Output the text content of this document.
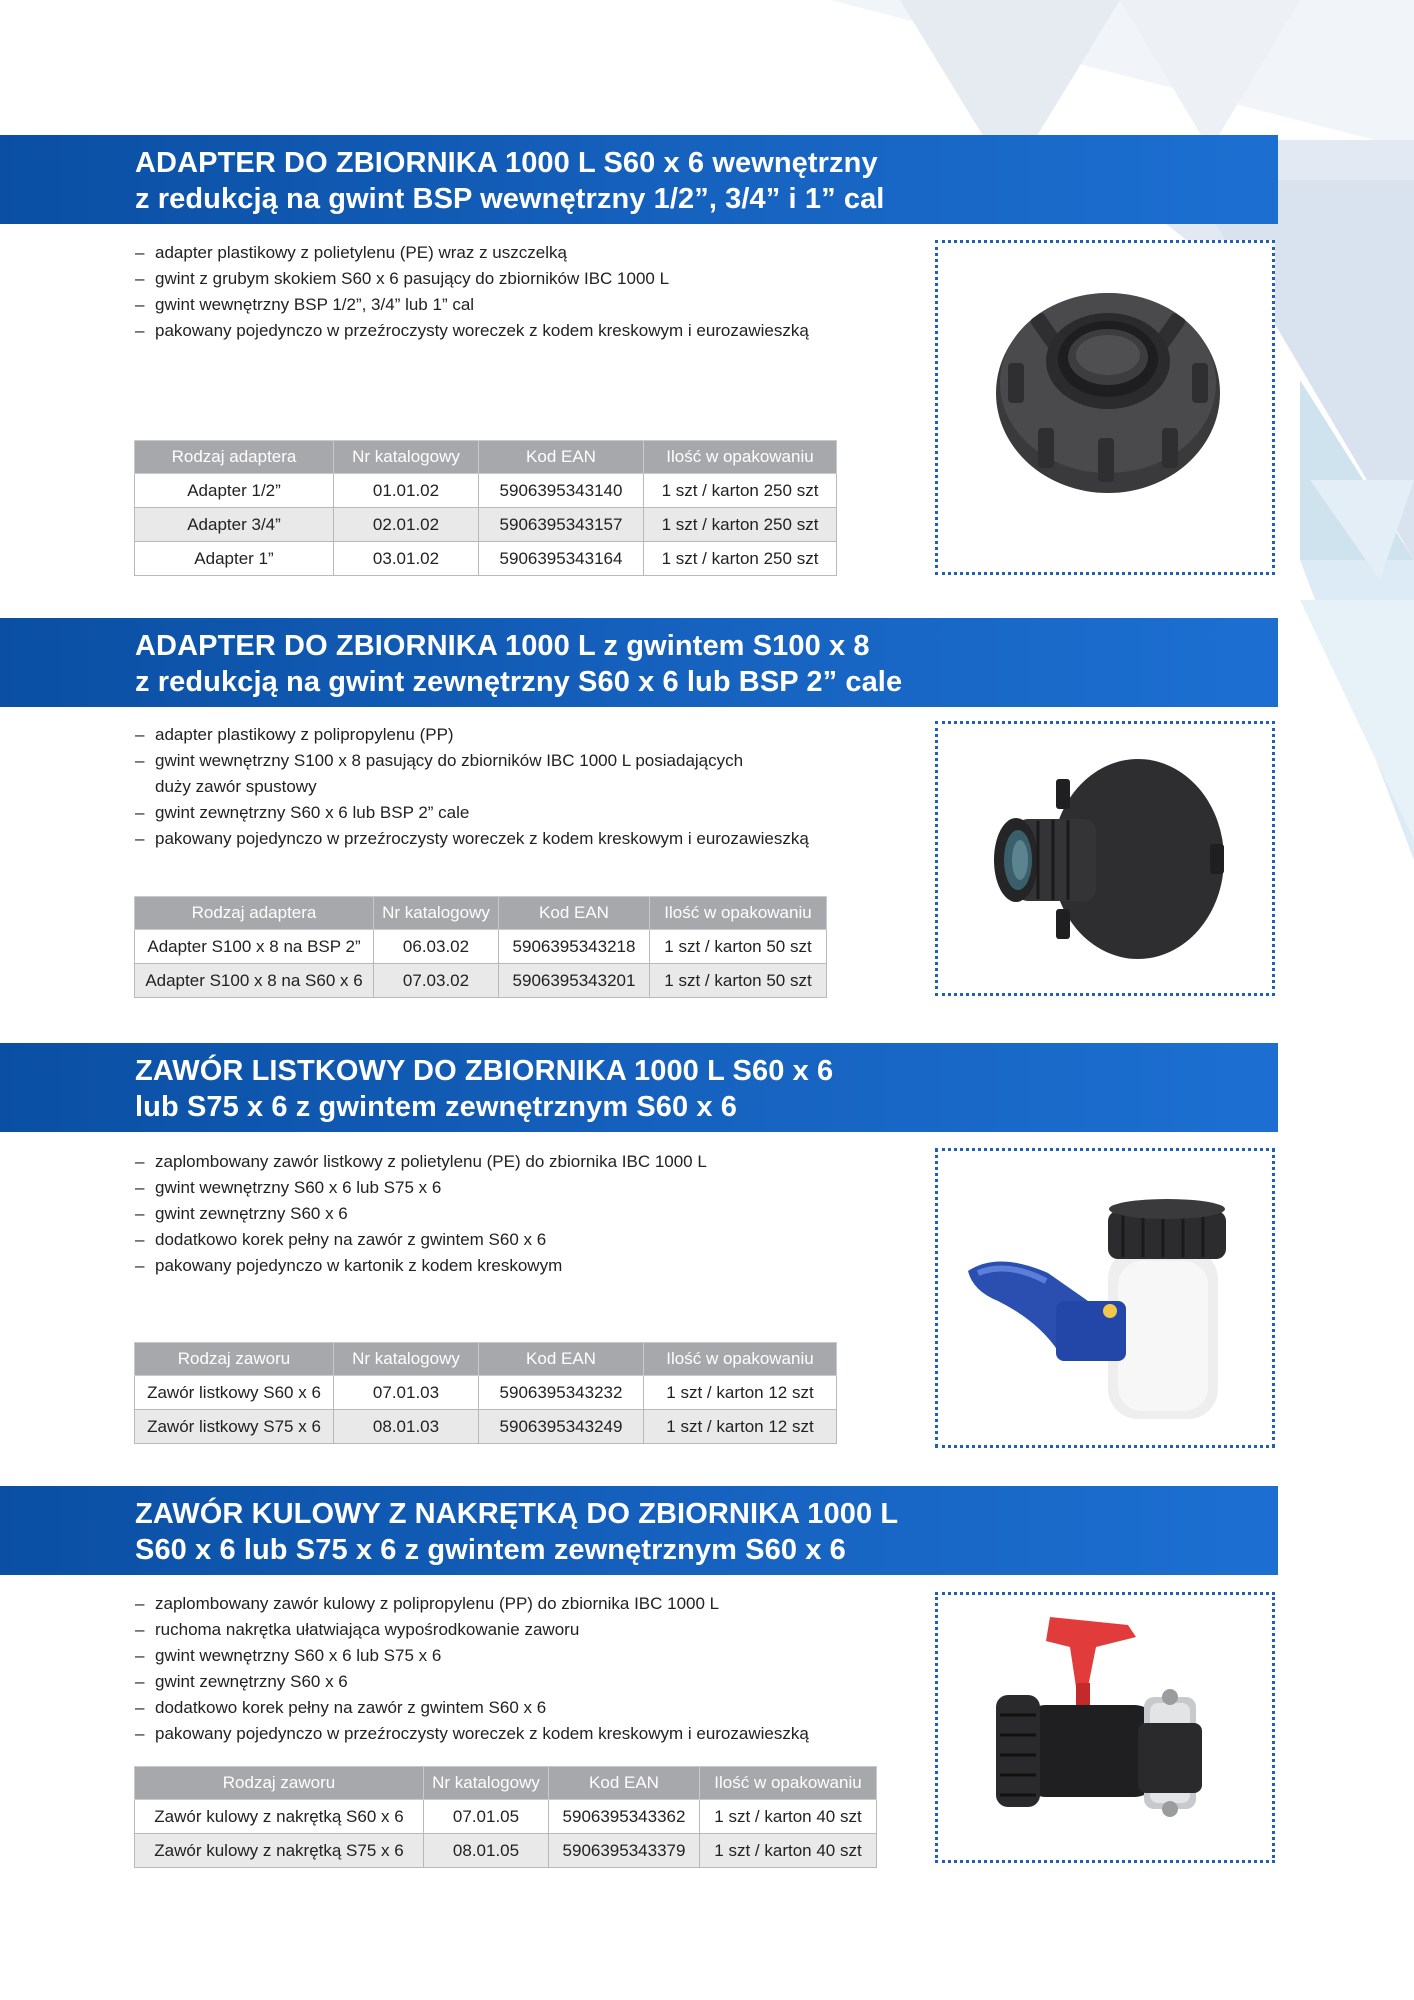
ADAPTER DO ZBIORNIKA 1000 L S60 x 6 wewnętrzny
z redukcją na gwint BSP wewnętrzny 1/2”, 3/4” i 1” cal
– adapter plastikowy z polietylenu (PE) wraz z uszczelką
– gwint z grubym skokiem S60 x 6 pasujący do zbiorników IBC 1000 L
– gwint wewnętrzny BSP 1/2”, 3/4” lub 1” cal
– pakowany pojedynczo w przeźroczysty woreczek z kodem kreskowym i eurozawieszką
Rodzaj adaptera	Nr katalogowy	Kod EAN	Ilość w opakowaniu
Adapter 1/2”	01.01.02	5906395343140	1 szt / karton 250 szt
Adapter 3/4”	02.01.02	5906395343157	1 szt / karton 250 szt
Adapter 1”	03.01.02	5906395343164	1 szt / karton 250 szt
ADAPTER DO ZBIORNIKA 1000 L z gwintem S100 x 8
z redukcją na gwint zewnętrzny S60 x 6 lub BSP 2” cale
– adapter plastikowy z polipropylenu (PP)
– gwint wewnętrzny S100 x 8 pasujący do zbiorników IBC 1000 L posiadających
duży zawór spustowy
– gwint zewnętrzny S60 x 6 lub BSP 2” cale
– pakowany pojedynczo w przeźroczysty woreczek z kodem kreskowym i eurozawieszką
Rodzaj adaptera	Nr katalogowy	Kod EAN	Ilość w opakowaniu
Adapter S100 x 8 na BSP 2”	06.03.02	5906395343218	1 szt / karton 50 szt
Adapter S100 x 8 na S60 x 6	07.03.02	5906395343201	1 szt / karton 50 szt
ZAWÓR LISTKOWY DO ZBIORNIKA 1000 L S60 x 6
lub S75 x 6 z gwintem zewnętrznym S60 x 6
– zaplombowany zawór listkowy z polietylenu (PE) do zbiornika IBC 1000 L
– gwint wewnętrzny S60 x 6 lub S75 x 6
– gwint zewnętrzny S60 x 6
– dodatkowo korek pełny na zawór z gwintem S60 x 6
– pakowany pojedynczo w kartonik z kodem kreskowym
Rodzaj zaworu	Nr katalogowy	Kod EAN	Ilość w opakowaniu
Zawór listkowy S60 x 6	07.01.03	5906395343232	1 szt / karton 12 szt
Zawór listkowy S75 x 6	08.01.03	5906395343249	1 szt / karton 12 szt
ZAWÓR KULOWY Z NAKRĘTKĄ DO ZBIORNIKA 1000 L
S60 x 6 lub S75 x 6 z gwintem zewnętrznym S60 x 6
– zaplombowany zawór kulowy z polipropylenu (PP) do zbiornika IBC 1000 L
– ruchoma nakrętka ułatwiająca wypośrodkowanie zaworu
– gwint wewnętrzny S60 x 6 lub S75 x 6
– gwint zewnętrzny S60 x 6
– dodatkowo korek pełny na zawór z gwintem S60 x 6
– pakowany pojedynczo w przeźroczysty woreczek z kodem kreskowym i eurozawieszką
Rodzaj zaworu	Nr katalogowy	Kod EAN	Ilość w opakowaniu
Zawór kulowy z nakrętką S60 x 6	07.01.05	5906395343362	1 szt / karton 40 szt
Zawór kulowy z nakrętką S75 x 6	08.01.05	5906395343379	1 szt / karton 40 szt
